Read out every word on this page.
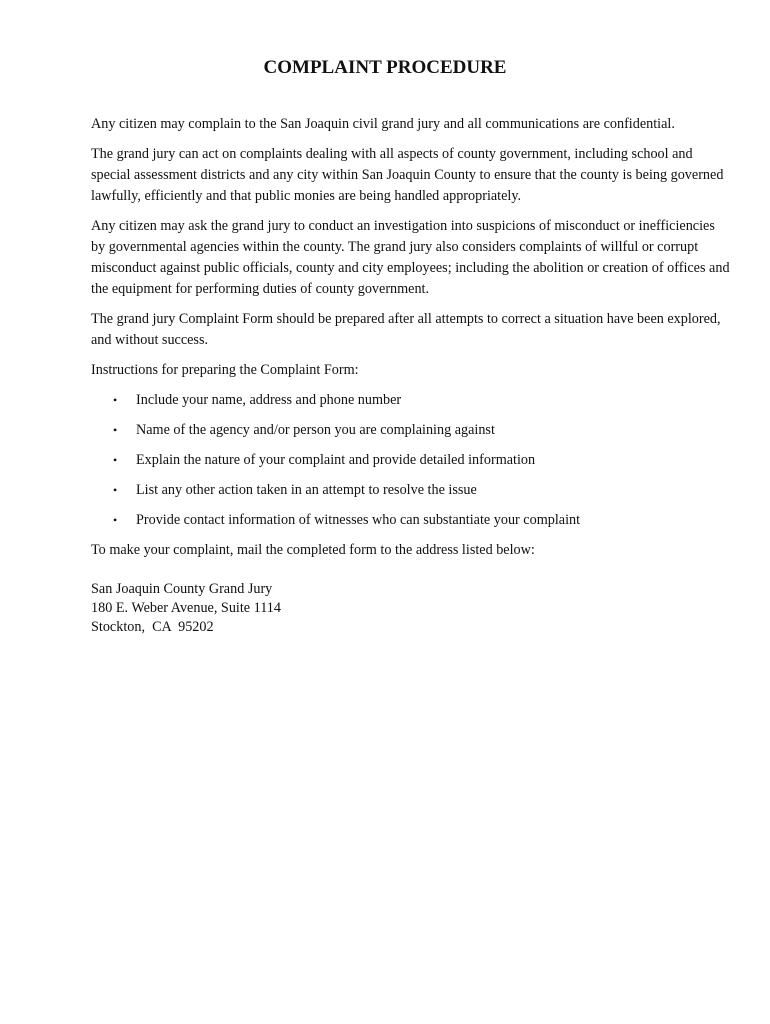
COMPLAINT PROCEDURE

Any citizen may complain to the San Joaquin civil grand jury and all communications are confidential.

The grand jury can act on complaints dealing with all aspects of county government, including school and special assessment districts and any city within San Joaquin County to ensure that the county is being governed lawfully, efficiently and that public monies are being handled appropriately.

Any citizen may ask the grand jury to conduct an investigation into suspicions of misconduct or inefficiencies by governmental agencies within the county. The grand jury also considers complaints of willful or corrupt misconduct against public officials, county and city employees; including the abolition or creation of offices and the equipment for performing duties of county government.

The grand jury Complaint Form should be prepared after all attempts to correct a situation have been explored, and without success.

Instructions for preparing the Complaint Form:

• Include your name, address and phone number
• Name of the agency and/or person you are complaining against
• Explain the nature of your complaint and provide detailed information
• List any other action taken in an attempt to resolve the issue
• Provide contact information of witnesses who can substantiate your complaint

To make your complaint, mail the completed form to the address listed below:

San Joaquin County Grand Jury
180 E. Weber Avenue, Suite 1114
Stockton,  CA  95202
